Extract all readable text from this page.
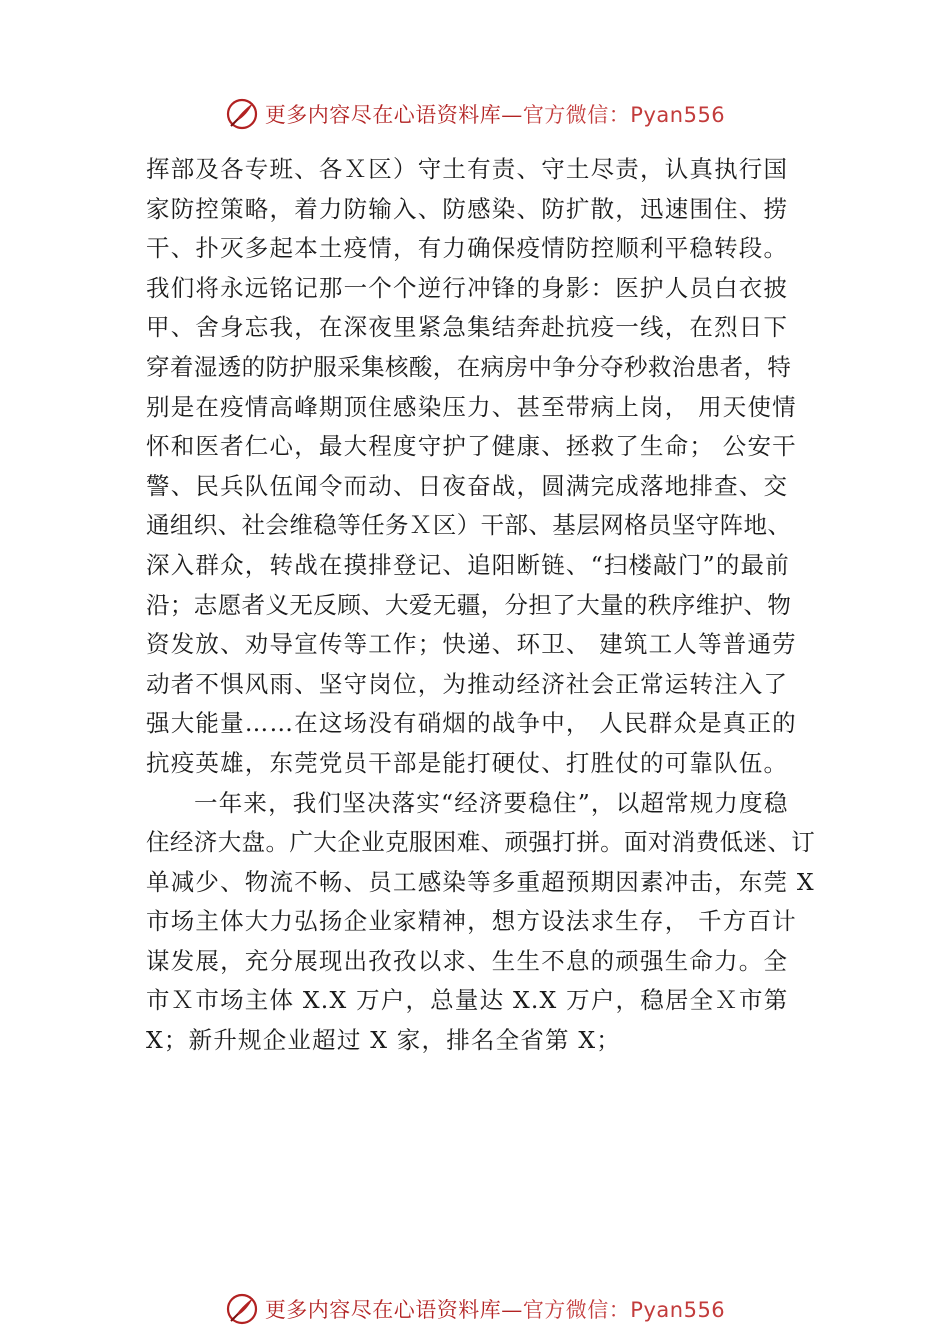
更多内容尽在心语资料库— 官方微信：Pyan556
挥部及各专班、各Ｘ区）守土有责、守土尽责，认真执行国
家防控策略，着力防输入、防感染、防扩散，迅速围住、捞
干、扑灭多起本土疫情，有力确保疫情防控顺利平稳转段。
我们将永远铭记那一个个逆行冲锋的身影：医护人员白衣披
甲、舍身忘我，在深夜里紧急集结奔赴抗疫一线，在烈日下
穿着湿透的防护服采集核酸，在病房中争分夺秒救治患者，特
别是在疫情高峰期顶住感染压力、甚至带病上岗， 用天使情
怀和医者仁心，最大程度守护了健康、拯救了生命； 公安干
警、民兵队伍闻令而动、日夜奋战，圆满完成落地排查、交
通组织、社会维稳等任务Ｘ区）干部、基层网格员坚守阵地、
深入群众，转战在摸排登记、追阳断链、“扫楼敲门”的最前
沿；志愿者义无反顾、大爱无疆，分担了大量的秩序维护、物
资发放、劝导宣传等工作；快递、环卫、 建筑工人等普通劳
动者不惧风雨、坚守岗位，为推动经济社会正常运转注入了
强大能量……在这场没有硝烟的战争中， 人民群众是真正的
抗疫英雄，东莞党员干部是能打硬仗、打胜仗的可靠队伍。
一年来，我们坚决落实“经济要稳住”，以超常规力度稳
住经济大盘。广大企业克服困难、顽强打拼。面对消费低迷、订
单减少、物流不畅、员工感染等多重超预期因素冲击，东莞 X
市场主体大力弘扬企业家精神，想方设法求生存， 千方百计
谋发展，充分展现出孜孜以求、生生不息的顽强生命力。全
市Ｘ市场主体 X.X 万户，总量达 X.X 万户，稳居全Ｘ市第
X；新升规企业超过 X 家，排名全省第 X；
更多内容尽在心语资料库— 官方微信：Pyan556
